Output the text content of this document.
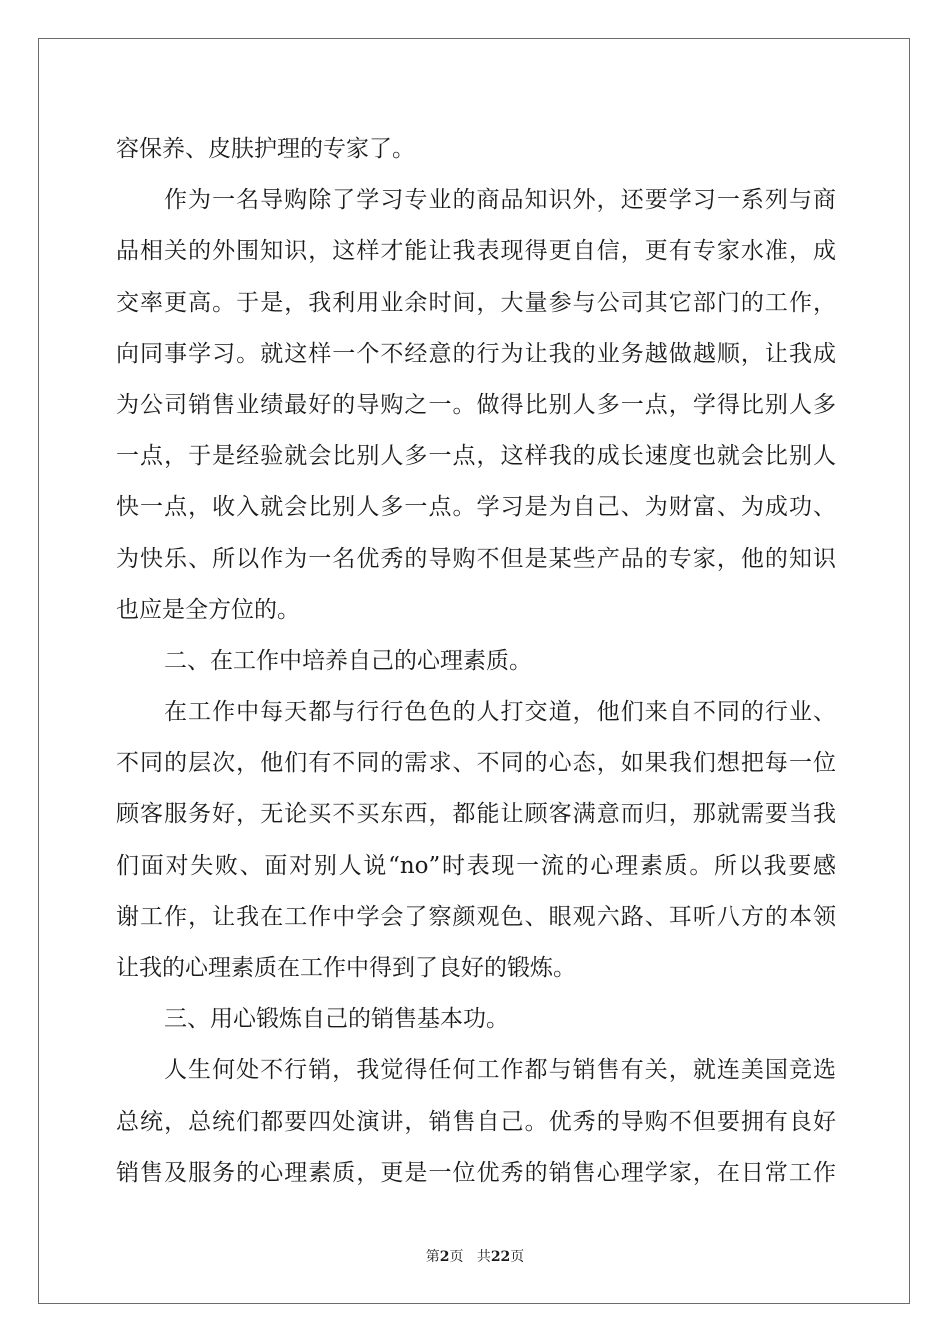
容保养、皮肤护理的专家了。
作为一名导购除了学习专业的商品知识外，还要学习一系列与商
品相关的外围知识，这样才能让我表现得更自信，更有专家水准，成
交率更高。于是，我利用业余时间，大量参与公司其它部门的工作，
向同事学习。就这样一个不经意的行为让我的业务越做越顺，让我成
为公司销售业绩最好的导购之一。做得比别人多一点，学得比别人多
一点，于是经验就会比别人多一点，这样我的成长速度也就会比别人
快一点，收入就会比别人多一点。学习是为自己、为财富、为成功、
为快乐、所以作为一名优秀的导购不但是某些产品的专家，他的知识
也应是全方位的。
二、在工作中培养自己的心理素质。
在工作中每天都与行行色色的人打交道，他们来自不同的行业、
不同的层次，他们有不同的需求、不同的心态，如果我们想把每一位
顾客服务好，无论买不买东西，都能让顾客满意而归，那就需要当我
们面对失败、面对别人说“no”时表现一流的心理素质。所以我要感
谢工作，让我在工作中学会了察颜观色、眼观六路、耳听八方的本领
让我的心理素质在工作中得到了良好的锻炼。
三、用心锻炼自己的销售基本功。
人生何处不行销，我觉得任何工作都与销售有关，就连美国竞选
总统，总统们都要四处演讲，销售自己。优秀的导购不但要拥有良好
销售及服务的心理素质，更是一位优秀的销售心理学家，在日常工作
第2页 共22页
